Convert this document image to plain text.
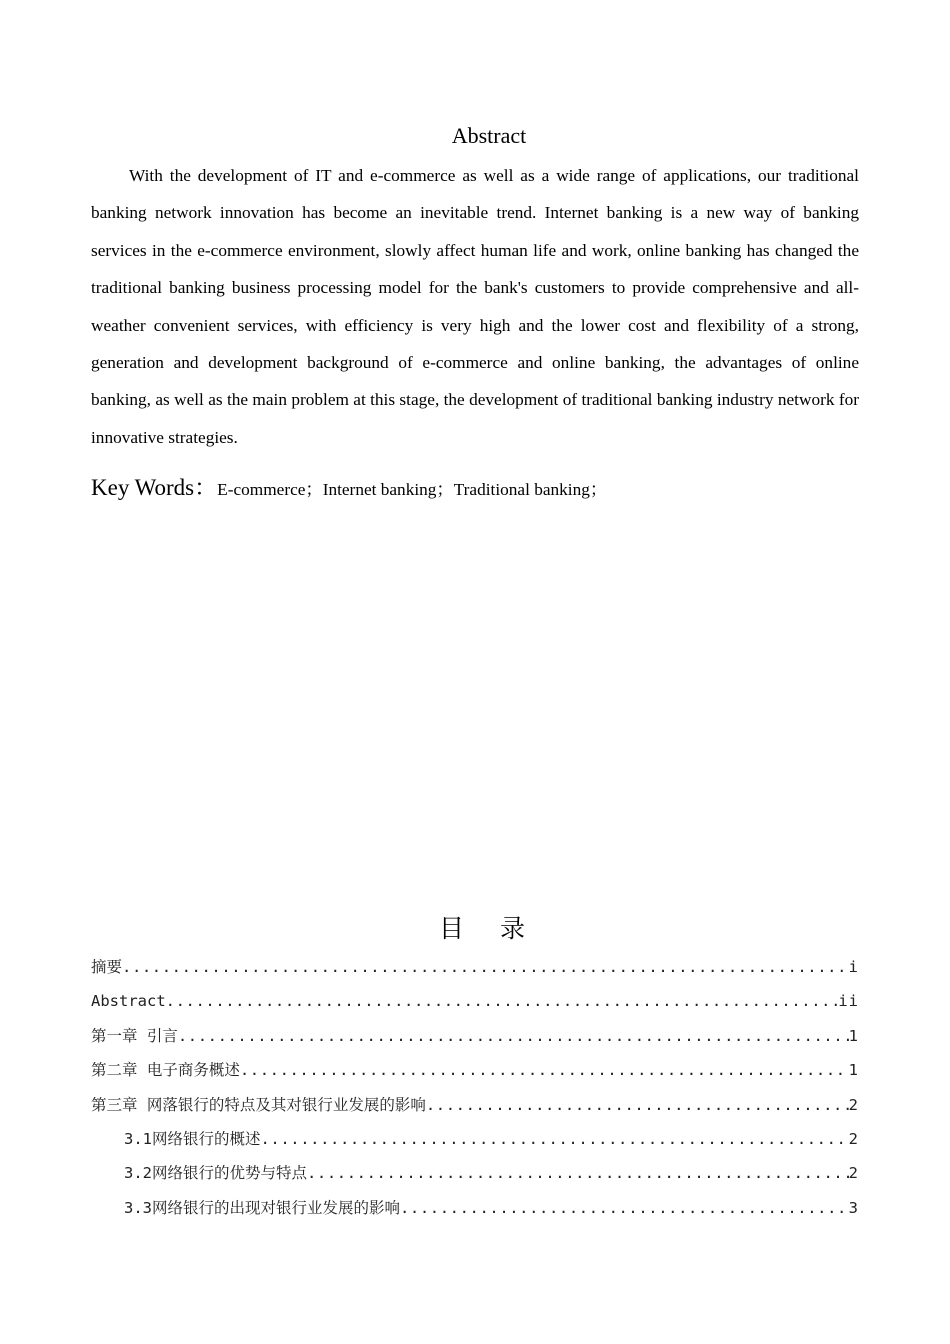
Abstract

With the development of IT and e-commerce as well as a wide range of applications, our traditional banking network innovation has become an inevitable trend. Internet banking is a new way of banking services in the e-commerce environment, slowly affect human life and work, online banking has changed the traditional banking business processing model for the bank's customers to provide comprehensive and all-weather convenient services, with efficiency is very high and the lower cost and flexibility of a strong, generation and development background of e-commerce and online banking, the advantages of online banking, as well as the main problem at this stage, the development of traditional banking industry network for innovative strategies.

Key Words：E-commerce；Internet banking；Traditional banking；
目 录
摘要 .....	i
Abstract .....	ii
第一章 引言 .....	1
第二章 电子商务概述 .....	1
第三章 网落银行的特点及其对银行业发展的影响 .....	2
3.1网络银行的概述 .....	2
3.2网络银行的优势与特点 .....	2
3.3网络银行的出现对银行业发展的影响 .....	3
